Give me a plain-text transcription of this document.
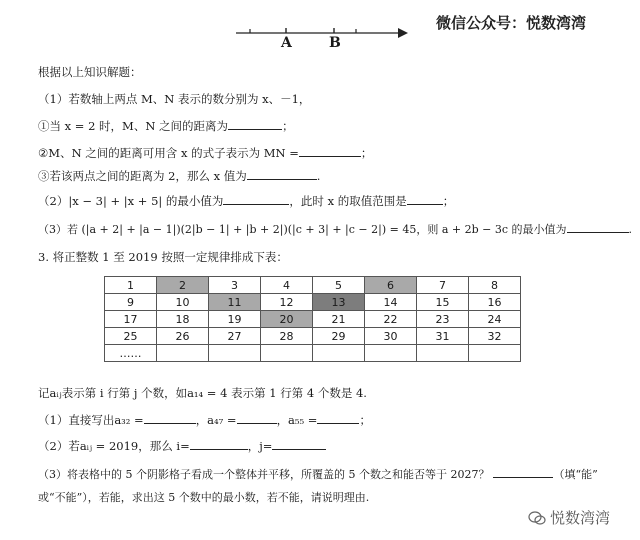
A	B
微信公众号：悦数湾湾
根据以上知识解题：
（1）若数轴上两点 M、N 表示的数分别为 x、－1，
①当 x = 2 时，M、N 之间的距离为	；
②M、N 之间的距离可用含 x 的式子表示为 MN =	；
③若该两点之间的距离为 2，那么 x 值为	.
（2）|x − 3| + |x + 5| 的最小值为	，此时 x 的取值范围是	；
（3）若 (|a + 2| + |a − 1|)(2|b − 1| + |b + 2|)(|c + 3| + |c − 2|) = 45，则 a + 2b − 3c 的最小值为	.
3. 将正整数 1 至 2019 按照一定规律排成下表：
1	2	3	4	5	6	7	8
9	10	11	12	13	14	15	16
17	18	19	20	21	22	23	24
25	26	27	28	29	30	31	32
……							
记aᵢⱼ表示第 i 行第 j 个数，如a₁₄ = 4 表示第 1 行第 4 个数是 4.
（1）直接写出a₃₂ =	，a₄₇ =	，a₅₅ =	；
（2）若aᵢⱼ = 2019，那么 i=	，j=
（3）将表格中的 5 个阴影格子看成一个整体并平移，所覆盖的 5 个数之和能否等于 2027？	（填“能”
或“不能”），若能，求出这 5 个数中的最小数，若不能，请说明理由.
悦数湾湾
